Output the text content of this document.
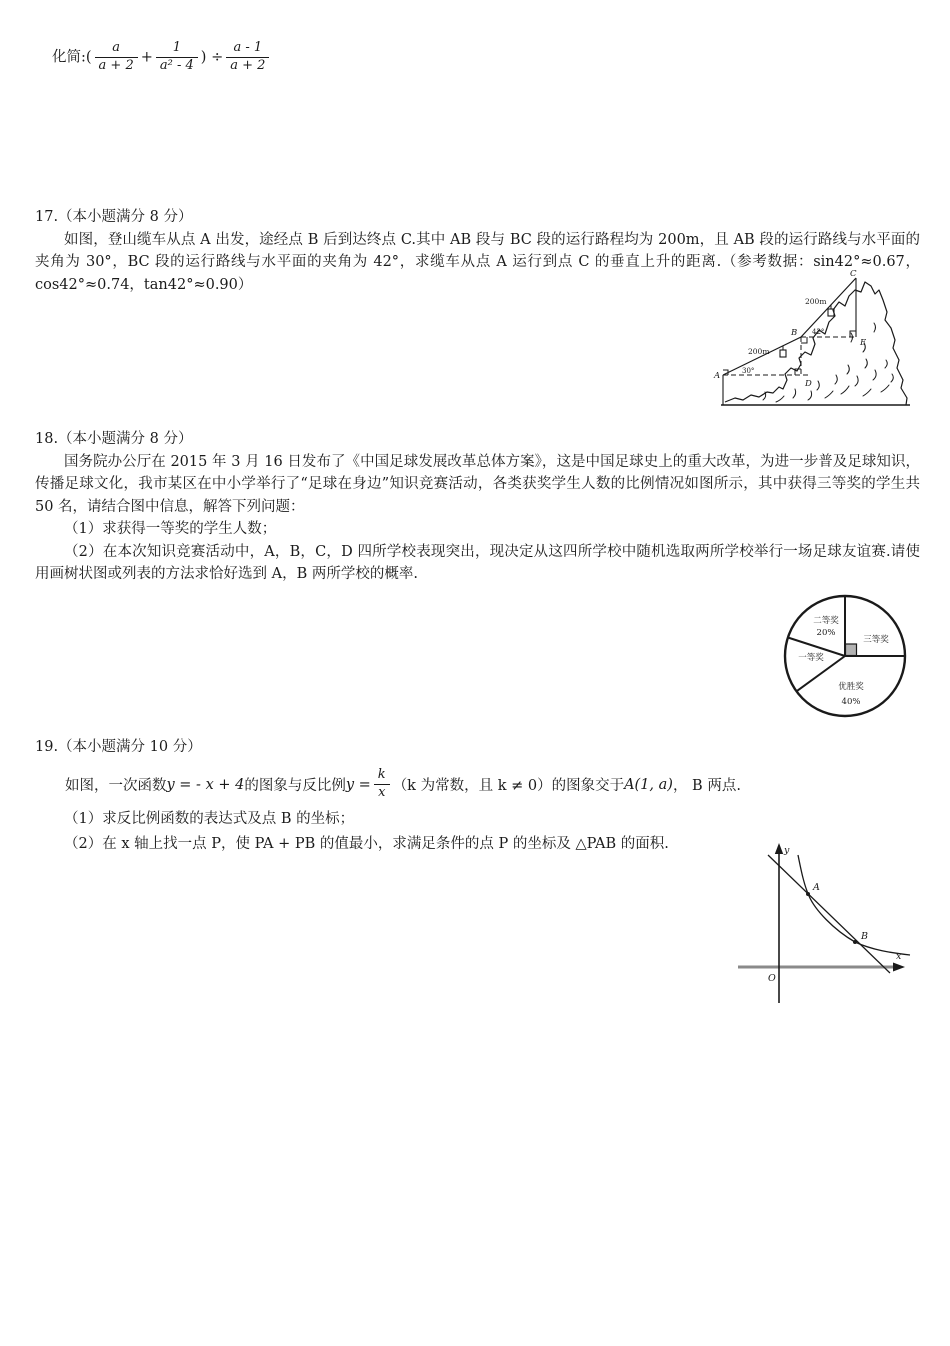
化简:( $\frac{a}{a + 2} + \frac{1}{\text{a² - 4}}$ ) ÷ $\frac{a - 1}{a + 2}$

17.（本小题满分 8 分）

如图，登山缆车从点 A 出发，途经点 B 后到达终点 C.其中 AB 段与 BC 段的运行路程均为 200m，且 AB 段的运行路线与水平面的夹角为 30°，BC 段的运行路线与水平面的夹角为 42°，求缆车从点 A 运行到点 C 的垂直上升的距离.（参考数据：sin42°≈0.67，cos42°≈0.74，tan42°≈0.90）

A
B
C
D
E
200m
200m
30°
42°

18.（本小题满分 8 分）

国务院办公厅在 2015 年 3 月 16 日发布了《中国足球发展改革总体方案》，这是中国足球史上的重大改革，为进一步普及足球知识，传播足球文化，我市某区在中小学举行了“足球在身边”知识竞赛活动，各类获奖学生人数的比例情况如图所示，其中获得三等奖的学生共 50 名，请结合图中信息，解答下列问题：

（1）求获得一等奖的学生人数；

（2）在本次知识竞赛活动中，A，B，C，D 四所学校表现突出，现决定从这四所学校中随机选取两所学校举行一场足球友谊赛.请使用画树状图或列表的方法求恰好选到 A，B 两所学校的概率.

二等奖
20%
三等奖
一等奖
优胜奖
40%

19.（本小题满分 10 分）

如图，一次函数 y = - x + 4 的图象与反比例 $y = \frac{k}{x} (k$ 为常数，且 k ≠ 0）的图象交于 A(1, a) ， B 两点.

（1）求反比例函数的表达式及点 B 的坐标；

（2）在 x 轴上找一点 P，使 PA + PB 的值最小，求满足条件的点 P 的坐标及 △PAB 的面积.	y
x
O
A
B
